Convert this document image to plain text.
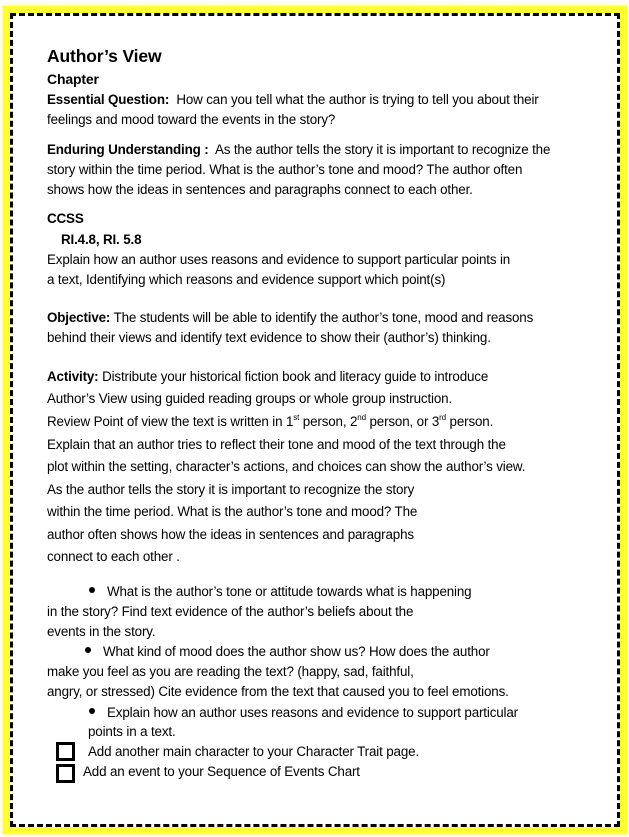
Author’s View
Chapter
Essential Question: How can you tell what the author is trying to tell you about their
feelings and mood toward the events in the story?
Enduring Understanding : As the author tells the story it is important to recognize the
story within the time period. What is the author’s tone and mood? The author often
shows how the ideas in sentences and paragraphs connect to each other.
CCSS
RI.4.8, RI. 5.8
Explain how an author uses reasons and evidence to support particular points in
a text, Identifying which reasons and evidence support which point(s)
Objective: The students will be able to identify the author’s tone, mood and reasons
behind their views and identify text evidence to show their (author’s) thinking.
Activity: Distribute your historical fiction book and literacy guide to introduce
Author’s View using guided reading groups or whole group instruction.
Review Point of view the text is written in 1st person, 2nd person, or 3rd person.
Explain that an author tries to reflect their tone and mood of the text through the
plot within the setting, character’s actions, and choices can show the author’s view.
As the author tells the story it is important to recognize the story
within the time period. What is the author’s tone and mood? The
author often shows how the ideas in sentences and paragraphs
connect to each other .
What is the author’s tone or attitude towards what is happening
in the story? Find text evidence of the author’s beliefs about the
events in the story.
What kind of mood does the author show us? How does the author
make you feel as you are reading the text? (happy, sad, faithful,
angry, or stressed) Cite evidence from the text that caused you to feel emotions.
Explain how an author uses reasons and evidence to support particular
points in a text.
Add another main character to your Character Trait page.
Add an event to your Sequence of Events Chart
